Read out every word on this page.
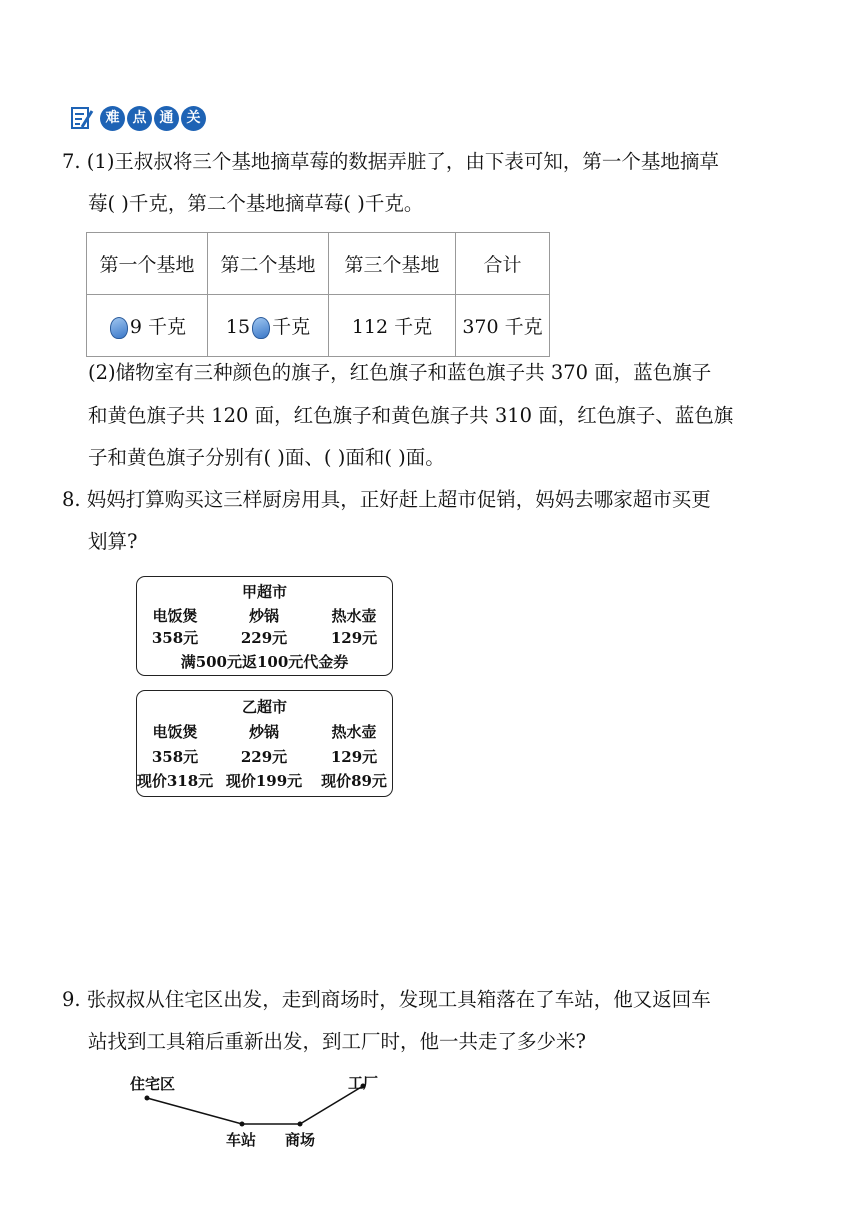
难 点 通 关
7. (1)王叔叔将三个基地摘草莓的数据弄脏了，由下表可知，第一个基地摘草
莓( )千克，第二个基地摘草莓( )千克。
第一个基地	第二个基地	第三个基地	合计
9 千克	15 千克	112 千克	370 千克
(2)储物室有三种颜色的旗子，红色旗子和蓝色旗子共 370 面，蓝色旗子
和黄色旗子共 120 面，红色旗子和黄色旗子共 310 面，红色旗子、蓝色旗
子和黄色旗子分别有( )面、( )面和( )面。
8. 妈妈打算购买这三样厨房用具，正好赶上超市促销，妈妈去哪家超市买更
划算?
甲超市
电饭煲	炒锅	热水壶
358元	229元	129元
满500元返100元代金券
乙超市
电饭煲	炒锅	热水壶
358元	229元	129元
现价318元 现价199元	现价89元
9. 张叔叔从住宅区出发，走到商场时，发现工具箱落在了车站，他又返回车
站找到工具箱后重新出发，到工厂时，他一共走了多少米?
住宅区	工厂
车站 商场
